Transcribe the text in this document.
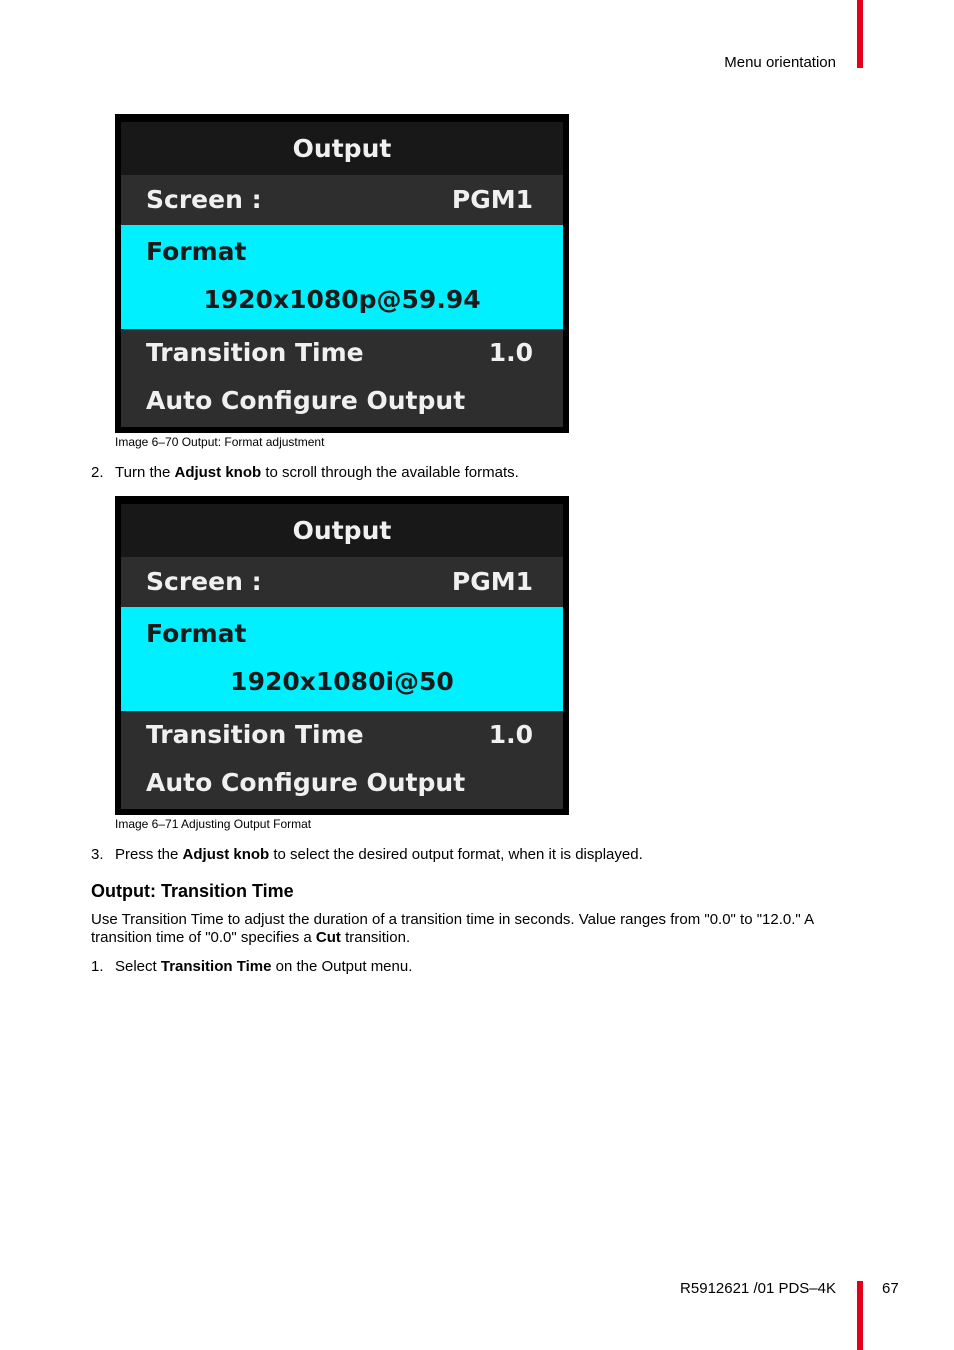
Menu orientation
Output
Screen :	PGM1
Format
1920x1080p@59.94
Transition Time	1.0
Auto Configure Output
Image 6–70 Output: Format adjustment
2. Turn the Adjust knob to scroll through the available formats.
Output
Screen :	PGM1
Format
1920x1080i@50
Transition Time	1.0
Auto Configure Output
Image 6–71 Adjusting Output Format
3. Press the Adjust knob to select the desired output format, when it is displayed.
Output: Transition Time

Use Transition Time to adjust the duration of a transition time in seconds. Value ranges from "0.0" to "12.0." A transition time of "0.0" specifies a Cut transition.

1. Select Transition Time on the Output menu.
R5912621 /01 PDS–4K	67
